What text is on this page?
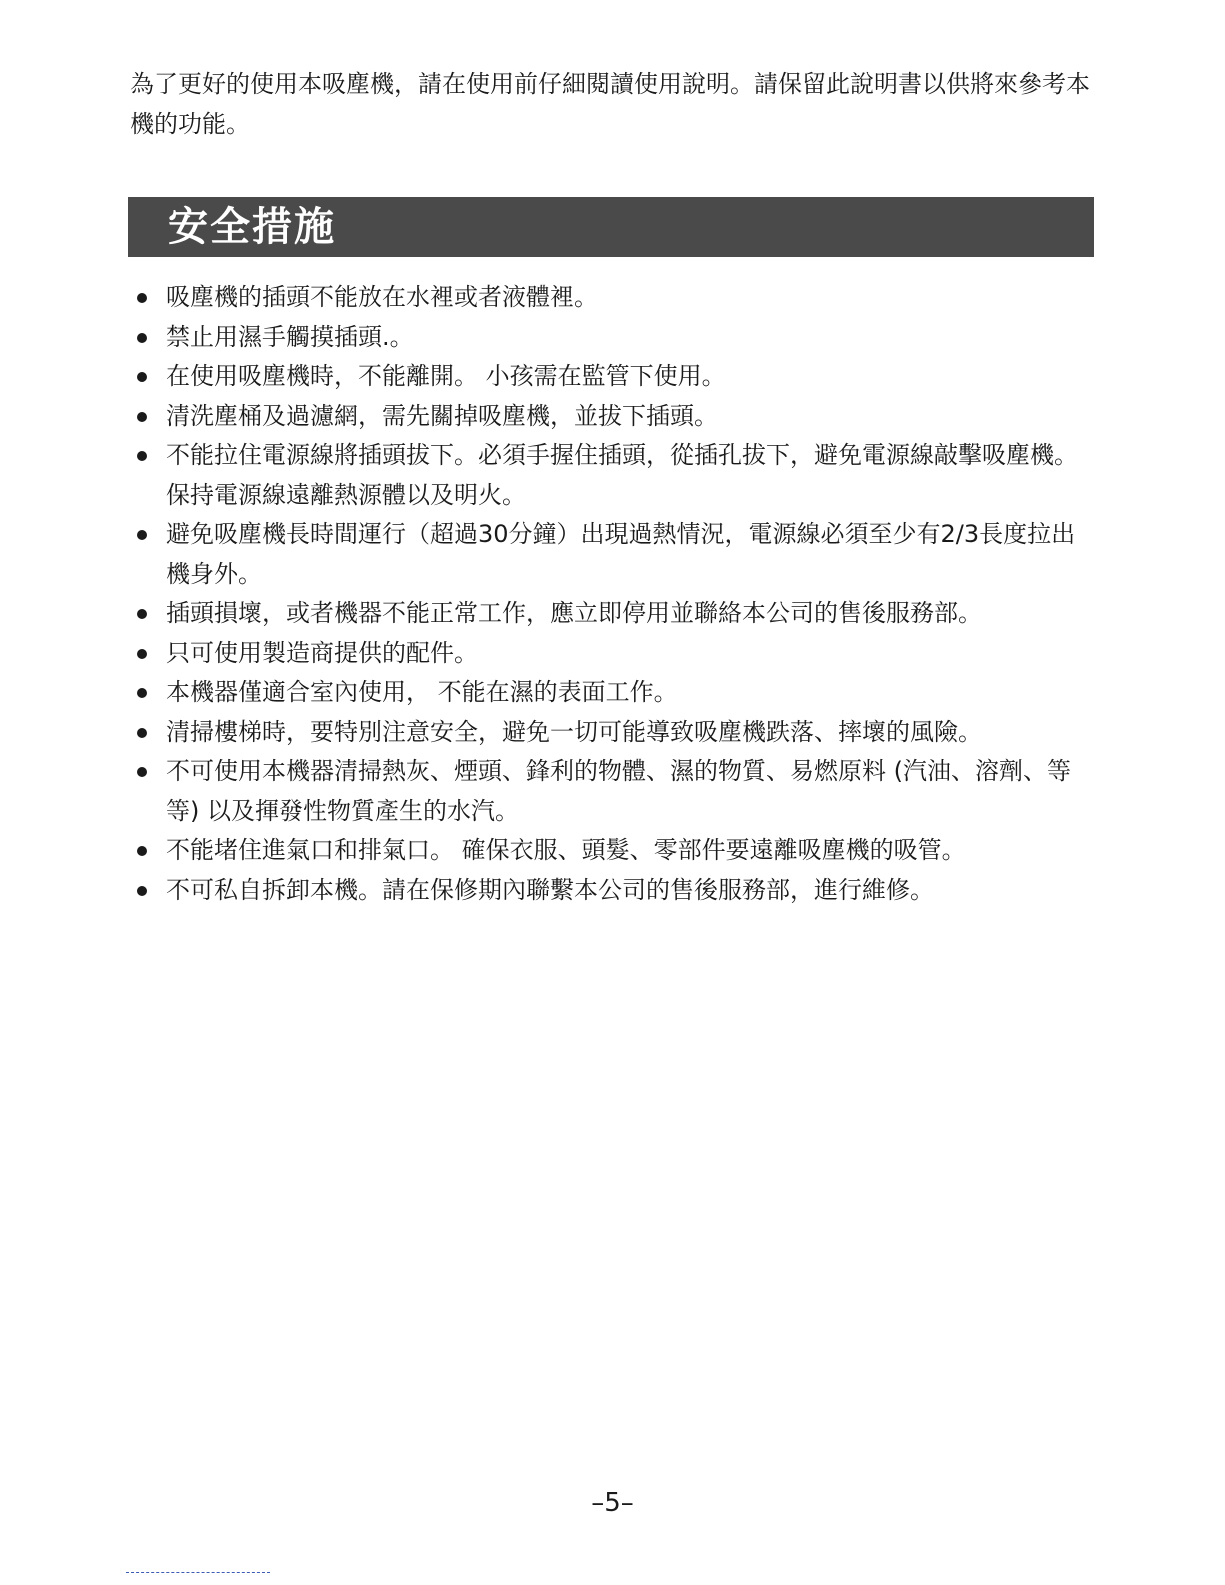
為了更好的使用本吸塵機，請在使用前仔細閱讀使用說明。請保留此說明書以供將來參考本機的功能。

安全措施
吸塵機的插頭不能放在水裡或者液體裡。
禁止用濕手觸摸插頭.。
在使用吸塵機時，不能離開。 小孩需在監管下使用。
清洗塵桶及過濾網，需先關掉吸塵機，並拔下插頭。
不能拉住電源線將插頭拔下。必須手握住插頭，從插孔拔下，避免電源線敲擊吸塵機。保持電源線遠離熱源體以及明火。
避免吸塵機長時間運行（超過30分鐘）出現過熱情況，電源線必須至少有2/3長度拉出機身外。
插頭損壞，或者機器不能正常工作，應立即停用並聯絡本公司的售後服務部。
只可使用製造商提供的配件。
本機器僅適合室內使用， 不能在濕的表面工作。
清掃樓梯時，要特別注意安全，避免一切可能導致吸塵機跌落、摔壞的風險。
不可使用本機器清掃熱灰、煙頭、鋒利的物體、濕的物質、易燃原料 (汽油、溶劑、等等) 以及揮發性物質產生的水汽。
不能堵住進氣口和排氣口。 確保衣服、頭髮、零部件要遠離吸塵機的吸管。
不可私自拆卸本機。請在保修期內聯繫本公司的售後服務部，進行維修。

–5–
